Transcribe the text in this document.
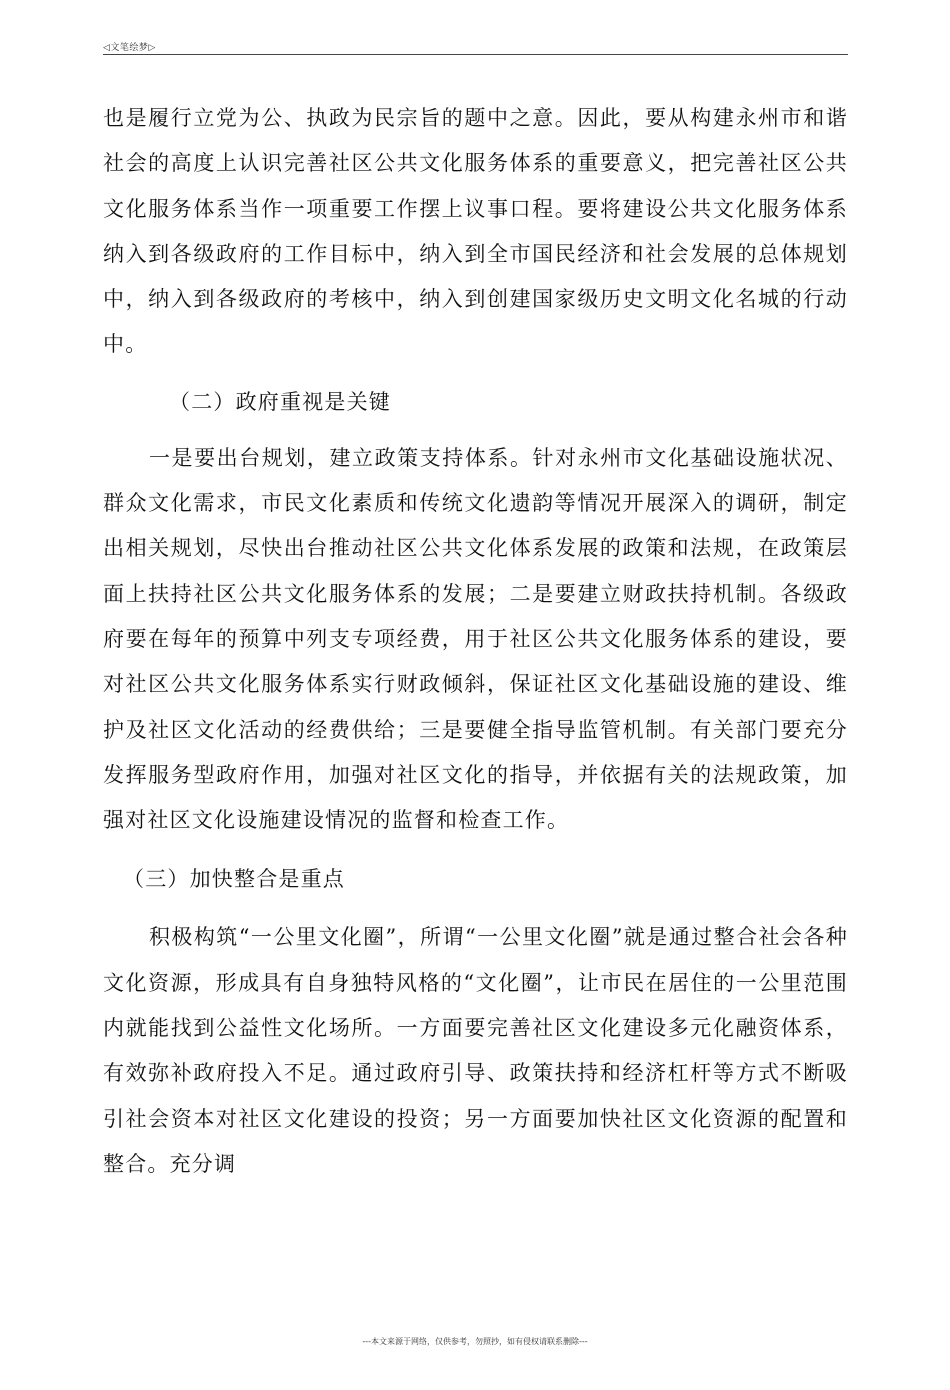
◁文笔绘梦▷

也是履行立党为公、执政为民宗旨的题中之意。因此，要从构建永州市和谐社会的高度上认识完善社区公共文化服务体系的重要意义，把完善社区公共文化服务体系当作一项重要工作摆上议事口程。要将建设公共文化服务体系纳入到各级政府的工作目标中，纳入到全市国民经济和社会发展的总体规划中，纳入到各级政府的考核中，纳入到创建国家级历史文明文化名城的行动中。

（二）政府重视是关键

一是要出台规划，建立政策支持体系。针对永州市文化基础设施状况、群众文化需求，市民文化素质和传统文化遗韵等情况开展深入的调研，制定出相关规划，尽快出台推动社区公共文化体系发展的政策和法规，在政策层面上扶持社区公共文化服务体系的发展；二是要建立财政扶持机制。各级政府要在每年的预算中列支专项经费，用于社区公共文化服务体系的建设，要对社区公共文化服务体系实行财政倾斜，保证社区文化基础设施的建设、维护及社区文化活动的经费供给；三是要健全指导监管机制。有关部门要充分发挥服务型政府作用，加强对社区文化的指导，并依据有关的法规政策，加强对社区文化设施建设情况的监督和检查工作。

（三）加快整合是重点

积极构筑“一公里文化圈”，所谓“一公里文化圈”就是通过整合社会各种文化资源，形成具有自身独特风格的“文化圈”，让市民在居住的一公里范围内就能找到公益性文化场所。一方面要完善社区文化建设多元化融资体系，有效弥补政府投入不足。通过政府引导、政策扶持和经济杠杆等方式不断吸引社会资本对社区文化建设的投资；另一方面要加快社区文化资源的配置和整合。充分调

---本文来源于网络，仅供参考，勿照抄，如有侵权请联系删除---
